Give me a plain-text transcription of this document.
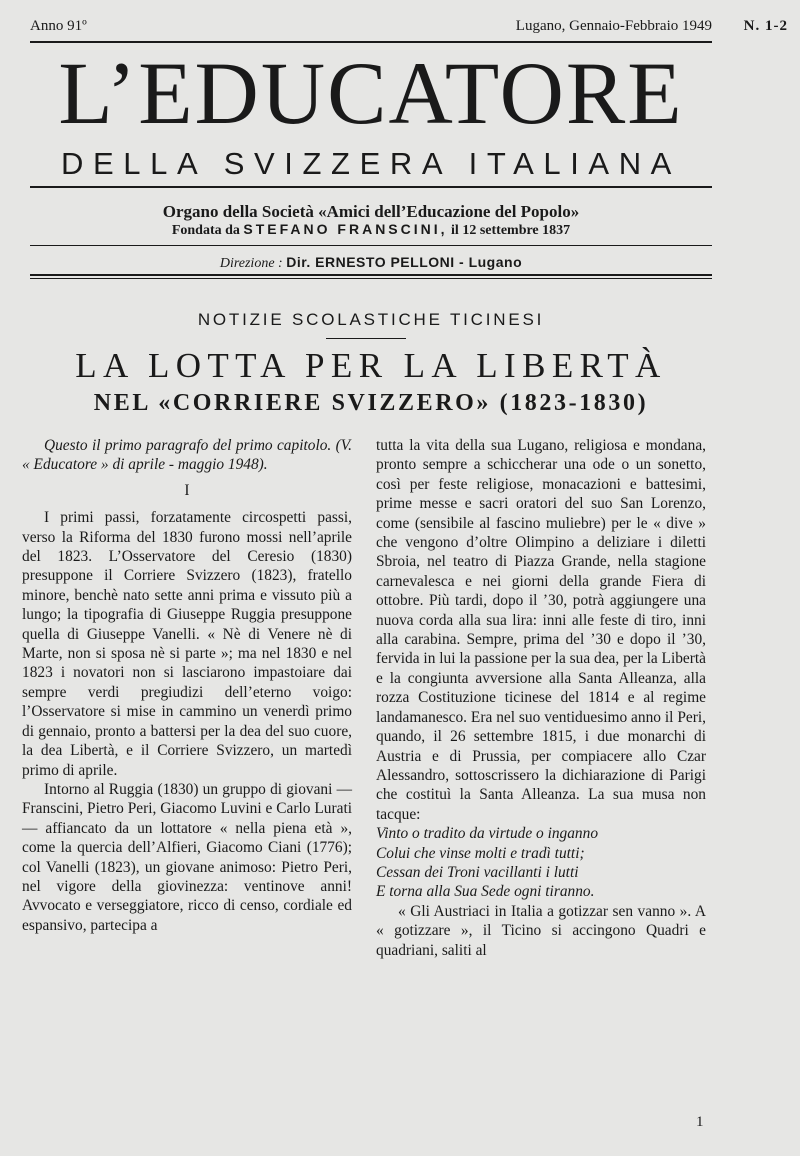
Anno 91º	Lugano, Gennaio-Febbraio 1949 N. 1-2
L’EDUCATORE
DELLA SVIZZERA ITALIANA
Organo della Società «Amici dell’Educazione del Popolo»
Fondata da STEFANO FRANSCINI, il 12 settembre 1837
Direzione : Dir. ERNESTO PELLONI - Lugano
NOTIZIE SCOLASTICHE TICINESI
LA LOTTA PER LA LIBERTÀ
NEL «CORRIERE SVIZZERO» (1823-1830)

Questo il primo paragrafo del primo capitolo. (V. « Educatore » di aprile - maggio 1948).

I

I primi passi, forzatamente circospetti passi, verso la Riforma del 1830 furono mossi nell’aprile del 1823. L’Osservatore del Ceresio (1830) presuppone il Corriere Svizzero (1823), fratello minore, benchè nato sette anni prima e vissuto più a lungo; la tipografia di Giuseppe Ruggia presuppone quella di Giuseppe Vanelli. « Nè di Venere nè di Marte, non si sposa nè si parte »; ma nel 1830 e nel 1823 i novatori non si lasciarono impastoiare dai sempre verdi pregiudizi dell’eterno voigo: l’Osservatore si mise in cammino un venerdì primo di gennaio, pronto a battersi per la dea del suo cuore, la dea Libertà, e il Corriere Svizzero, un martedì primo di aprile.

Intorno al Ruggia (1830) un gruppo di giovani — Franscini, Pietro Peri, Giacomo Luvini e Carlo Lurati — affiancato da un lottatore « nella piena età », come la quercia dell’Alfieri, Giacomo Ciani (1776); col Vanelli (1823), un giovane animoso: Pietro Peri, nel vigore della giovinezza: ventinove anni! Avvocato e verseggiatore, ricco di censo, cordiale ed espansivo, partecipa a

tutta la vita della sua Lugano, religiosa e mondana, pronto sempre a schiccherar una ode o un sonetto, così per feste religiose, monacazioni e battesimi, prime messe e sacri oratori del suo San Lorenzo, come (sensibile al fascino muliebre) per le « dive » che vengono d’oltre Olimpino a deliziare i diletti Sbroia, nel teatro di Piazza Grande, nella stagione carnevalesca e nei giorni della grande Fiera di ottobre. Più tardi, dopo il ’30, potrà aggiungere una nuova corda alla sua lira: inni alle feste di tiro, inni alla carabina. Sempre, prima del ’30 e dopo il ’30, fervida in lui la passione per la sua dea, per la Libertà e la congiunta avversione alla Santa Alleanza, alla rozza Costituzione ticinese del 1814 e al regime landamanesco. Era nel suo ventiduesimo anno il Peri, quando, il 26 settembre 1815, i due monarchi di Austria e di Prussia, per compiacere allo Czar Alessandro, sottoscrissero la dichiarazione di Parigi che costituì la Santa Alleanza. La sua musa non tacque:

Vinto o tradito da virtude o inganno

Colui che vinse molti e tradì tutti;

Cessan dei Troni vacillanti i lutti

E torna alla Sua Sede ogni tiranno.

« Gli Austriaci in Italia a gotizzar sen vanno ». A « gotizzare », il Ticino si accingono Quadri e quadriani, saliti al

1
